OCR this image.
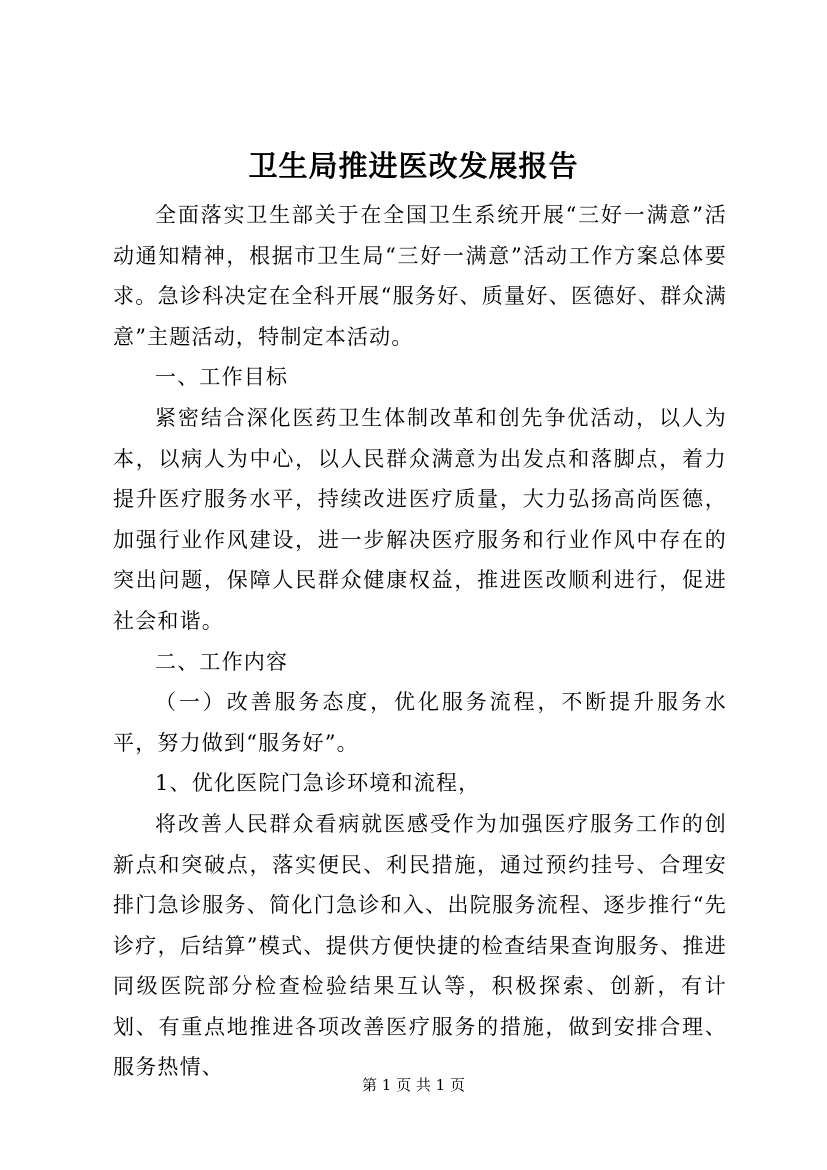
卫生局推进医改发展报告

全面落实卫生部关于在全国卫生系统开展“三好一满意”活动通知精神，根据市卫生局“三好一满意”活动工作方案总体要求。急诊科决定在全科开展“服务好、质量好、医德好、群众满意”主题活动，特制定本活动。

一、工作目标

紧密结合深化医药卫生体制改革和创先争优活动，以人为本，以病人为中心，以人民群众满意为出发点和落脚点，着力提升医疗服务水平，持续改进医疗质量，大力弘扬高尚医德，加强行业作风建设，进一步解决医疗服务和行业作风中存在的突出问题，保障人民群众健康权益，推进医改顺利进行，促进社会和谐。

二、工作内容

（一）改善服务态度，优化服务流程，不断提升服务水平，努力做到“服务好”。

1、优化医院门急诊环境和流程，

将改善人民群众看病就医感受作为加强医疗服务工作的创新点和突破点，落实便民、利民措施，通过预约挂号、合理安排门急诊服务、简化门急诊和入、出院服务流程、逐步推行“先诊疗，后结算”模式、提供方便快捷的检查结果查询服务、推进同级医院部分检查检验结果互认等，积极探索、创新，有计划、有重点地推进各项改善医疗服务的措施，做到安排合理、服务热情、

第 1 页 共 1 页
